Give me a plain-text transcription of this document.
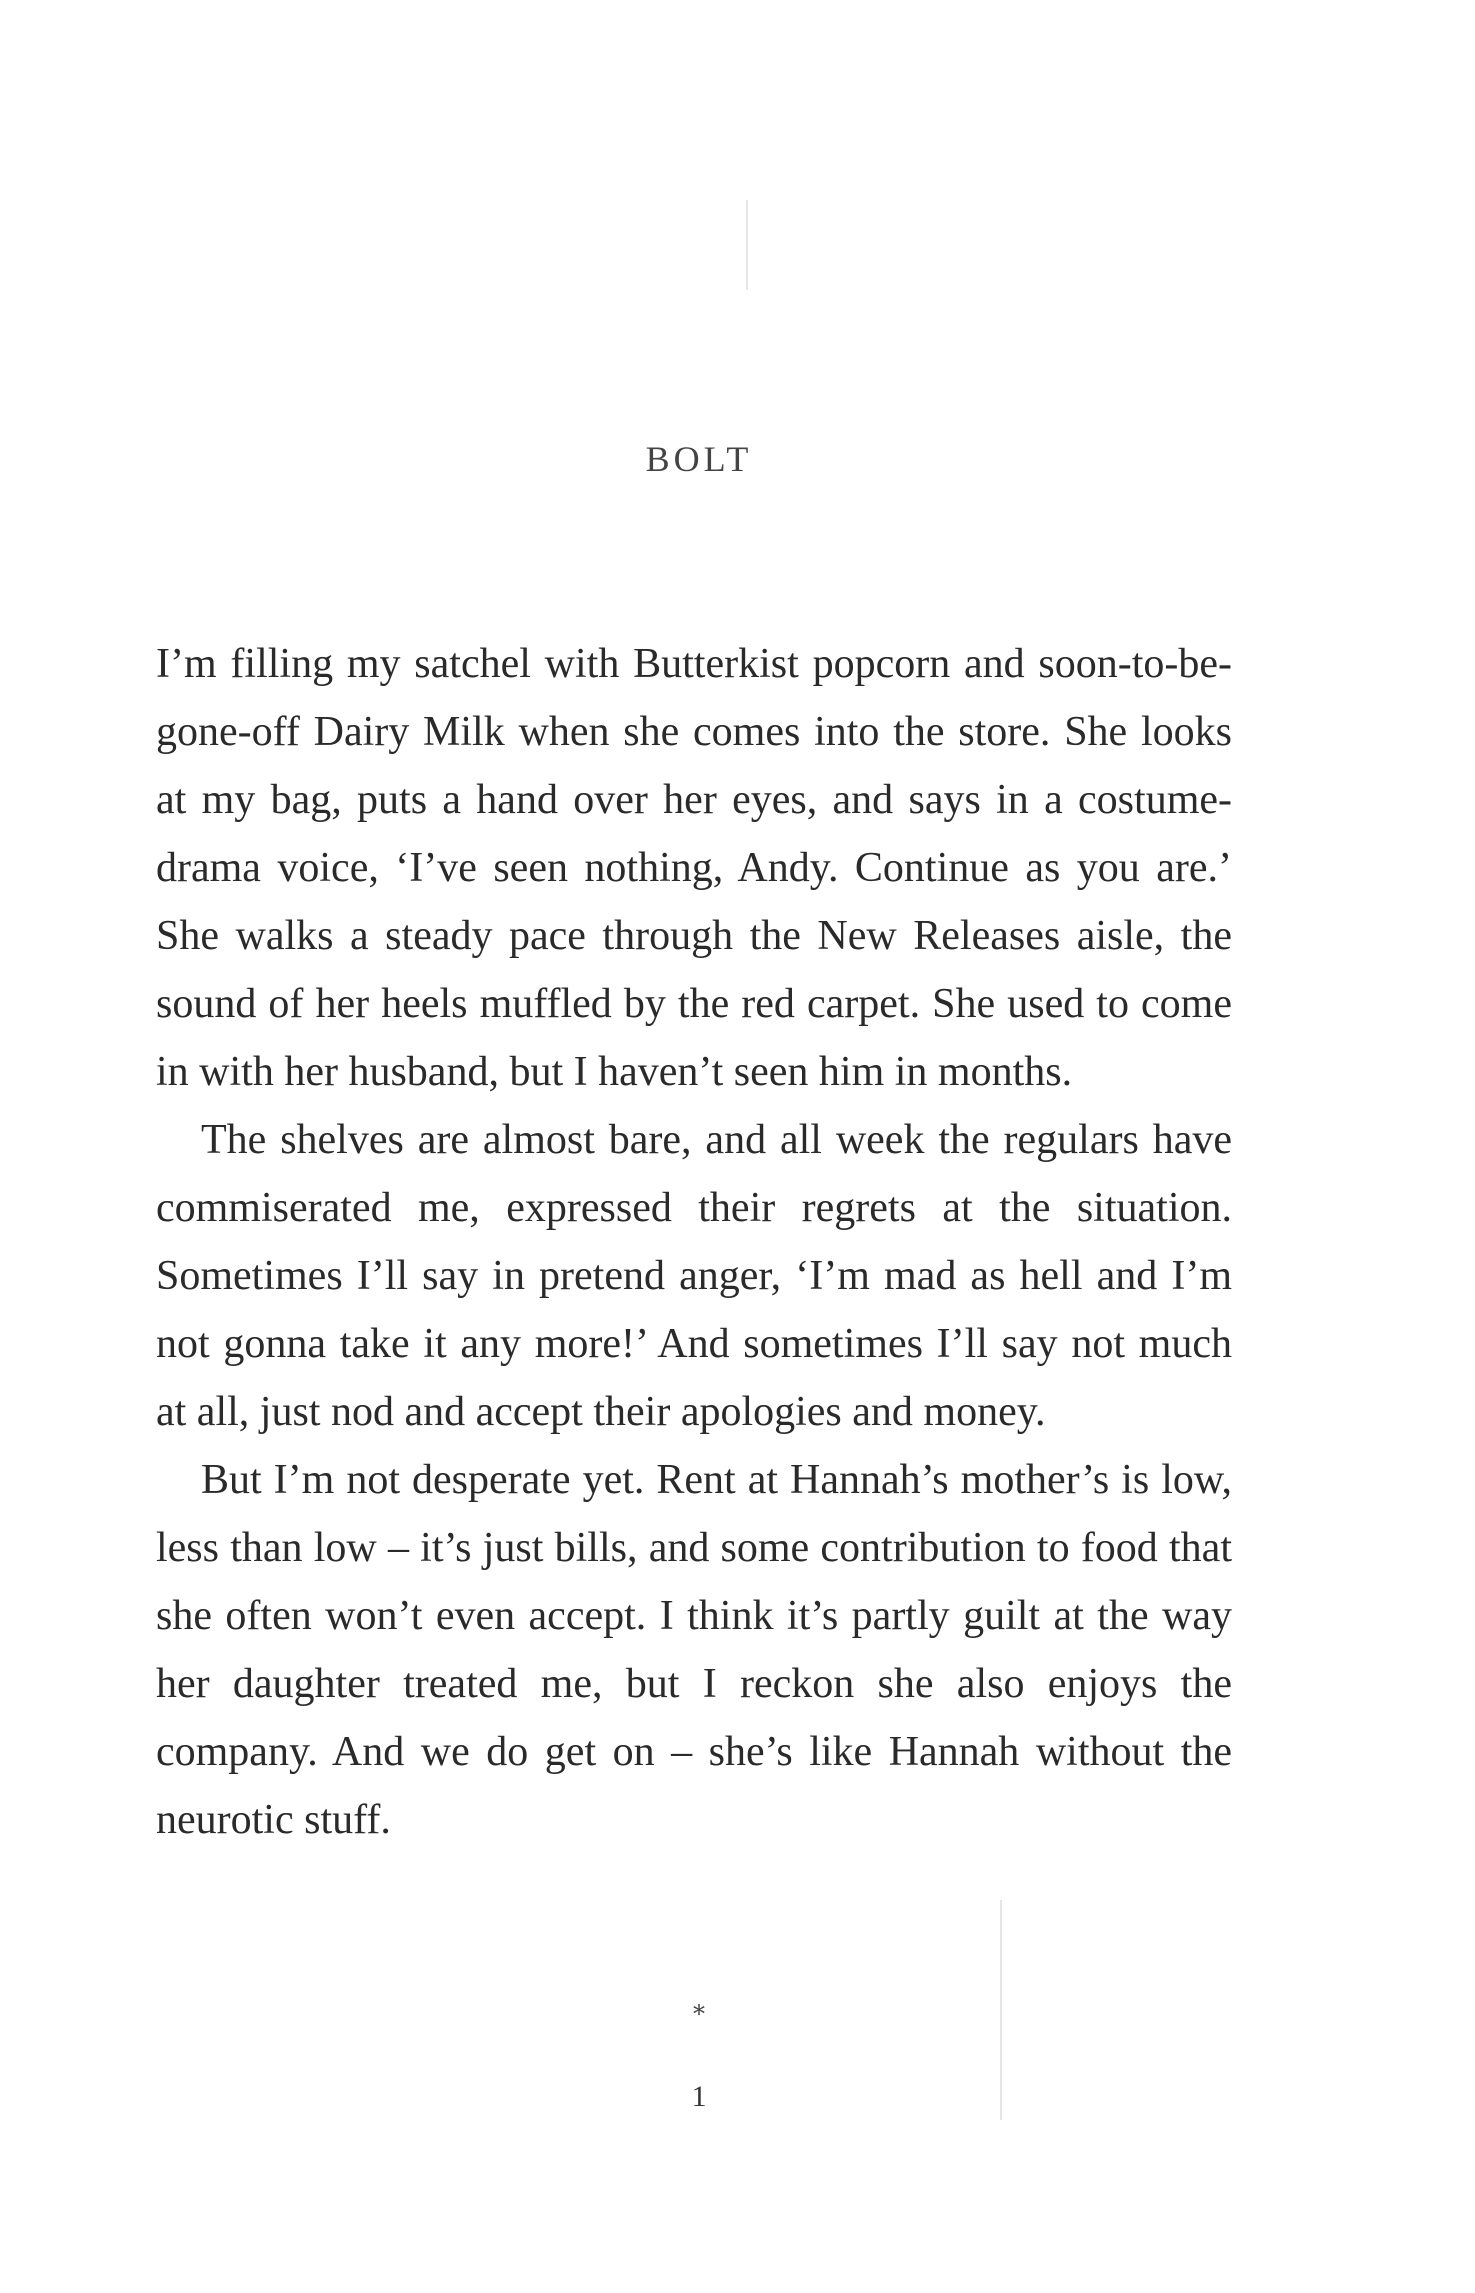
BOLT

I’m filling my satchel with Butterkist popcorn and soon-to-be-gone-off Dairy Milk when she comes into the store. She looks at my bag, puts a hand over her eyes, and says in a costume-drama voice, ‘I’ve seen nothing, Andy. Continue as you are.’ She walks a steady pace through the New Releases aisle, the sound of her heels muffled by the red carpet. She used to come in with her husband, but I haven’t seen him in months.

The shelves are almost bare, and all week the regulars have commiserated me, expressed their regrets at the situation. Sometimes I’ll say in pretend anger, ‘I’m mad as hell and I’m not gonna take it any more!’ And sometimes I’ll say not much at all, just nod and accept their apologies and money.

But I’m not desperate yet. Rent at Hannah’s mother’s is low, less than low – it’s just bills, and some contribution to food that she often won’t even accept. I think it’s partly guilt at the way her daughter treated me, but I reckon she also enjoys the company. And we do get on – she’s like Hannah without the neurotic stuff.

*
1
